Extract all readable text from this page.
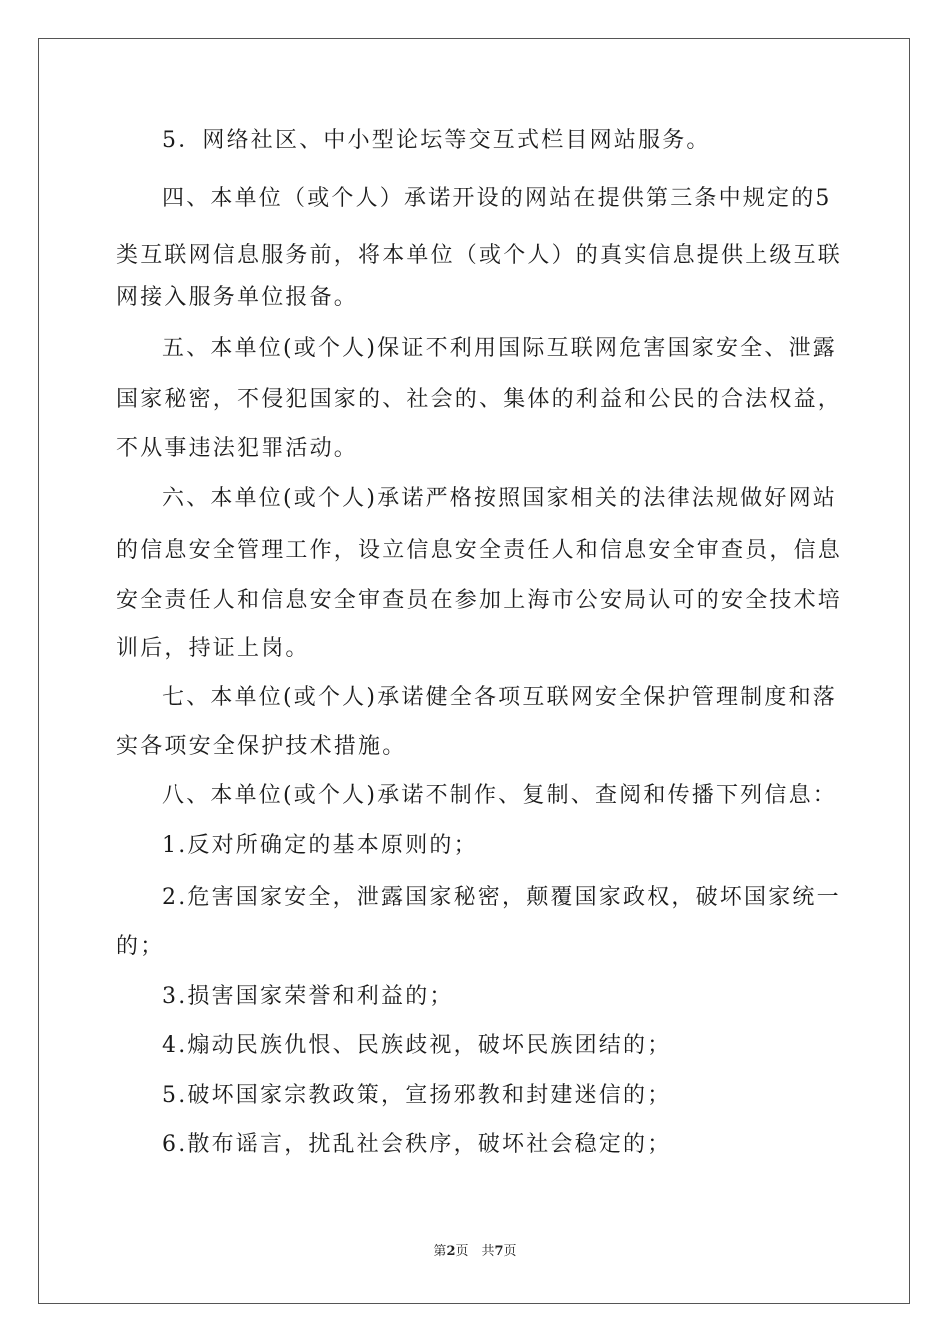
5．网络社区、中小型论坛等交互式栏目网站服务。
四、本单位（或个人）承诺开设的网站在提供第三条中规定的5
类互联网信息服务前，将本单位（或个人）的真实信息提供上级互联
网接入服务单位报备。
五、本单位(或个人)保证不利用国际互联网危害国家安全、泄露
国家秘密，不侵犯国家的、社会的、集体的利益和公民的合法权益，
不从事违法犯罪活动。
六、本单位(或个人)承诺严格按照国家相关的法律法规做好网站
的信息安全管理工作，设立信息安全责任人和信息安全审查员，信息
安全责任人和信息安全审查员在参加上海市公安局认可的安全技术培
训后，持证上岗。
七、本单位(或个人)承诺健全各项互联网安全保护管理制度和落
实各项安全保护技术措施。
八、本单位(或个人)承诺不制作、复制、查阅和传播下列信息：
1.反对所确定的基本原则的；
2.危害国家安全，泄露国家秘密，颠覆国家政权，破坏国家统一
的；
3.损害国家荣誉和利益的；
4.煽动民族仇恨、民族歧视，破坏民族团结的；
5.破坏国家宗教政策，宣扬邪教和封建迷信的；
6.散布谣言，扰乱社会秩序，破坏社会稳定的；
第2页　共7页
